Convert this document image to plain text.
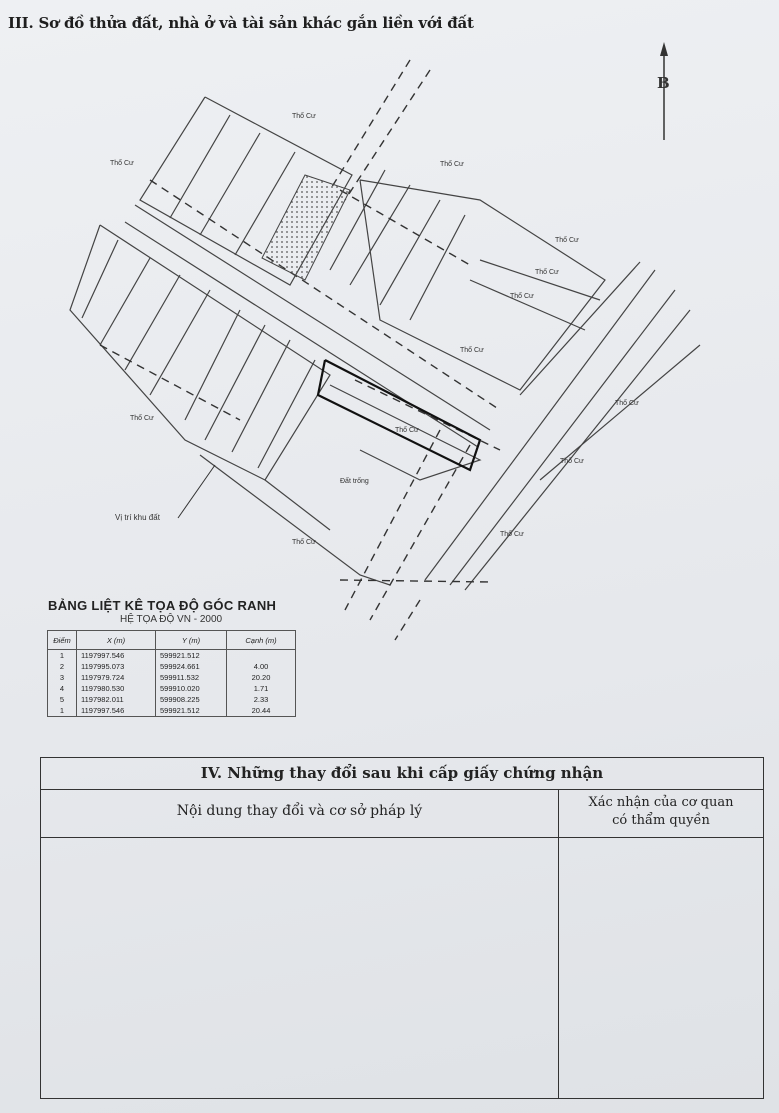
III. Sơ đồ thửa đất, nhà ở và tài sản khác gắn liền với đất
B
Thổ Cư
Thổ Cư	Thổ Cư
Thổ Cư
Thổ Cư
Thổ Cư
Thổ Cư
Thổ Cư
Thổ Cư
Thổ Cư
Thổ Cư
Thổ Cư
Thổ Cư
Đất trống
Vị trí khu đất
BẢNG LIỆT KÊ TỌA ĐỘ GÓC RANH
HỆ TỌA ĐỘ VN - 2000
Điểm	X (m)	Y (m)	Cạnh (m)
1	1197997.546	599921.512	
2	1197995.073	599924.661	4.00
3	1197979.724	599911.532	20.20
4	1197980.530	599910.020	1.71
5	1197982.011	599908.225	2.33
1	1197997.546	599921.512	20.44
IV. Những thay đổi sau khi cấp giấy chứng nhận
Nội dung thay đổi và cơ sở pháp lý
Xác nhận của cơ quan
có thẩm quyền
